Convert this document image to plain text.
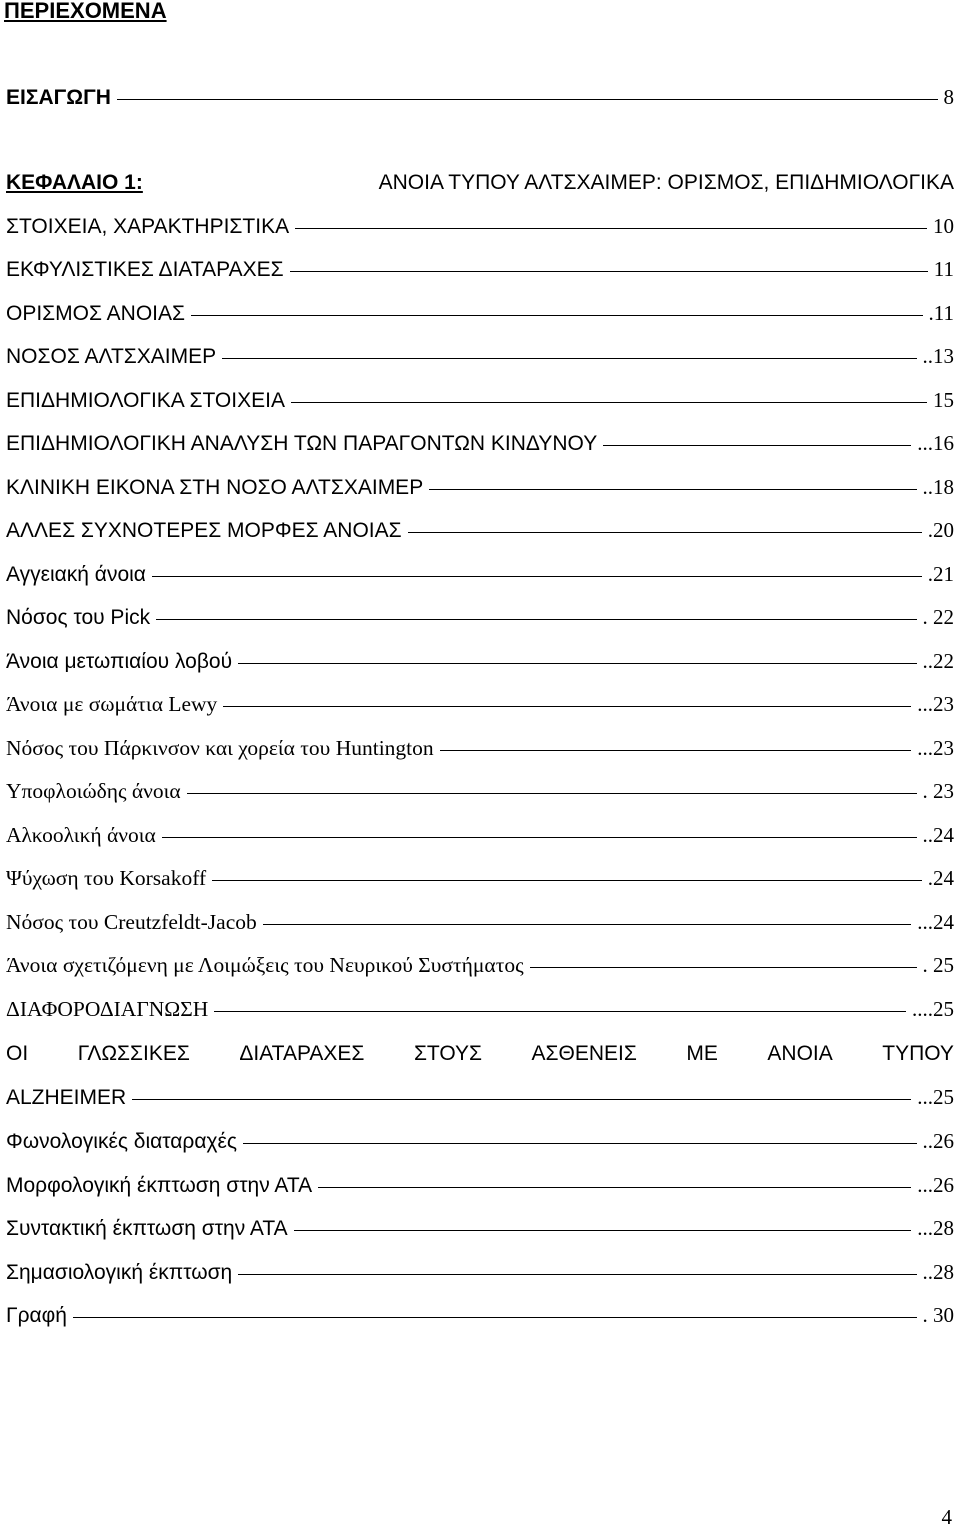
ΠΕΡΙΕΧΟΜΕΝΑ
ΕΙΣΑΓΩΓΗ	8
ΚΕΦΑΛΑΙΟ 1:	ΑΝΟΙΑ ΤΥΠΟΥ ΑΛΤΣΧΑΙΜΕΡ: ΟΡΙΣΜΟΣ, ΕΠΙΔΗΜΙΟΛΟΓΙΚΑ
ΣΤΟΙΧΕΙΑ, ΧΑΡΑΚΤΗΡΙΣΤΙΚΑ	10
ΕΚΦΥΛΙΣΤΙΚΕΣ ΔΙΑΤΑΡΑΧΕΣ	11
ΟΡΙΣΜΟΣ ΑΝΟΙΑΣ	.11
ΝΟΣΟΣ ΑΛΤΣΧΑΙΜΕΡ	..13
ΕΠΙΔΗΜΙΟΛΟΓΙΚΑ ΣΤΟΙΧΕΙΑ	15
ΕΠΙΔΗΜΙΟΛΟΓΙΚΗ ΑΝΑΛΥΣΗ ΤΩΝ ΠΑΡΑΓΟΝΤΩΝ ΚΙΝΔΥΝΟΥ	...16
ΚΛΙΝΙΚΗ ΕΙΚΟΝΑ ΣΤΗ ΝΟΣΟ ΑΛΤΣΧΑΙΜΕΡ	..18
ΑΛΛΕΣ ΣΥΧΝΟΤΕΡΕΣ ΜΟΡΦΕΣ ΑΝΟΙΑΣ	.20
Αγγειακή άνοια	.21
Νόσος του Pick	. 22
Άνοια μετωπιαίου λοβού	..22
Άνοια με σωμάτια Lewy	...23
Νόσος του Πάρκινσον και χορεία του Huntington	...23
Υποφλοιώδης άνοια	. 23
Αλκοολική άνοια	..24
Ψύχωση του Korsakoff	.24
Νόσος του Creutzfeldt-Jacob	...24
Άνοια σχετιζόμενη με Λοιμώξεις του Νευρικού Συστήματος	. 25
ΔΙΑΦΟΡΟΔΙΑΓΝΩΣΗ	....25
ΟΙ ΓΛΩΣΣΙΚΕΣ ΔΙΑΤΑΡΑΧΕΣ ΣΤΟΥΣ ΑΣΘΕΝΕΙΣ ΜΕ ΑΝΟΙΑ ΤΥΠΟΥ
ALZHEIMER	...25
Φωνολογικές διαταραχές	..26
Μορφολογική έκπτωση στην ΑΤΑ	...26
Συντακτική έκπτωση στην ΑΤΑ	...28
Σημασιολογική έκπτωση	..28
Γραφή	. 30
4
